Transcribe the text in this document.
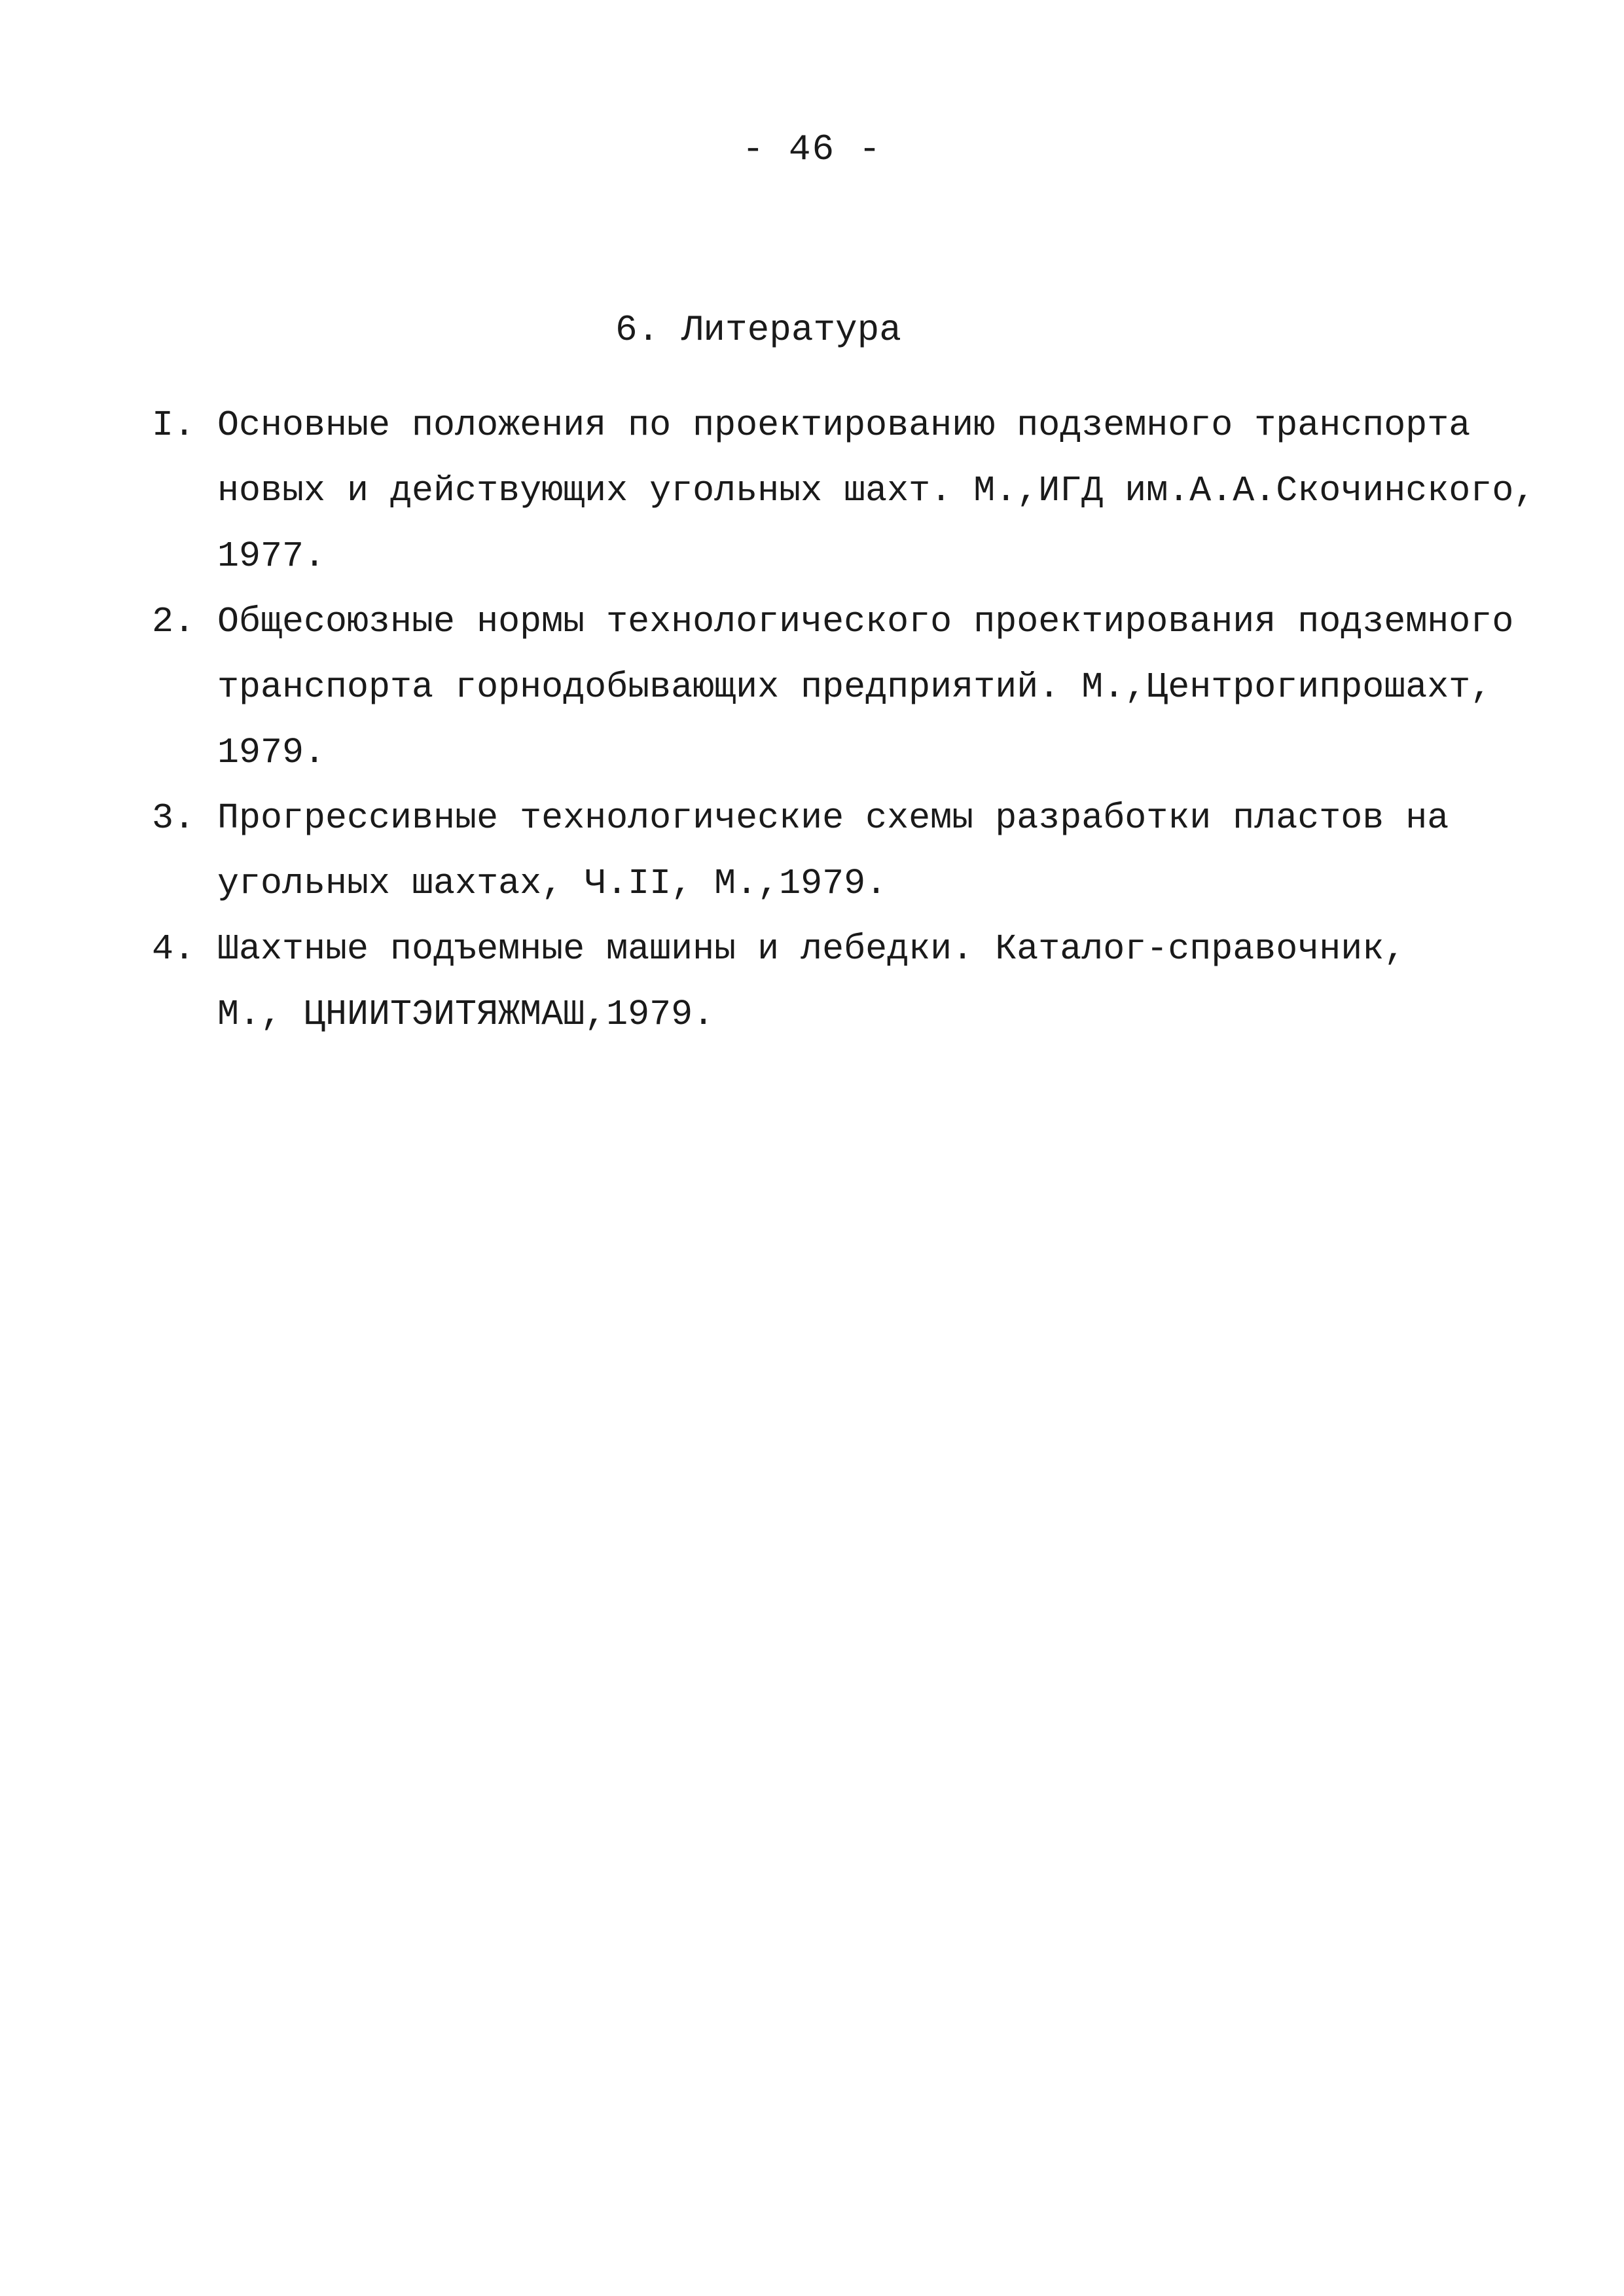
- 46 -
6. Литература
I. Основные положения по проектированию подземного транспорта
новых и действующих угольных шахт. М.,ИГД им.А.А.Скочинского,
1977.
2. Общесоюзные нормы технологического проектирования подземного
транспорта горнодобывающих предприятий. М.,Центрогипрошахт,
1979.
3. Прогрессивные технологические схемы разработки пластов на
угольных шахтах, Ч.II, М.,1979.
4. Шахтные подъемные машины и лебедки. Каталог-справочник,
М., ЦНИИТЭИТЯЖМАШ,1979.
